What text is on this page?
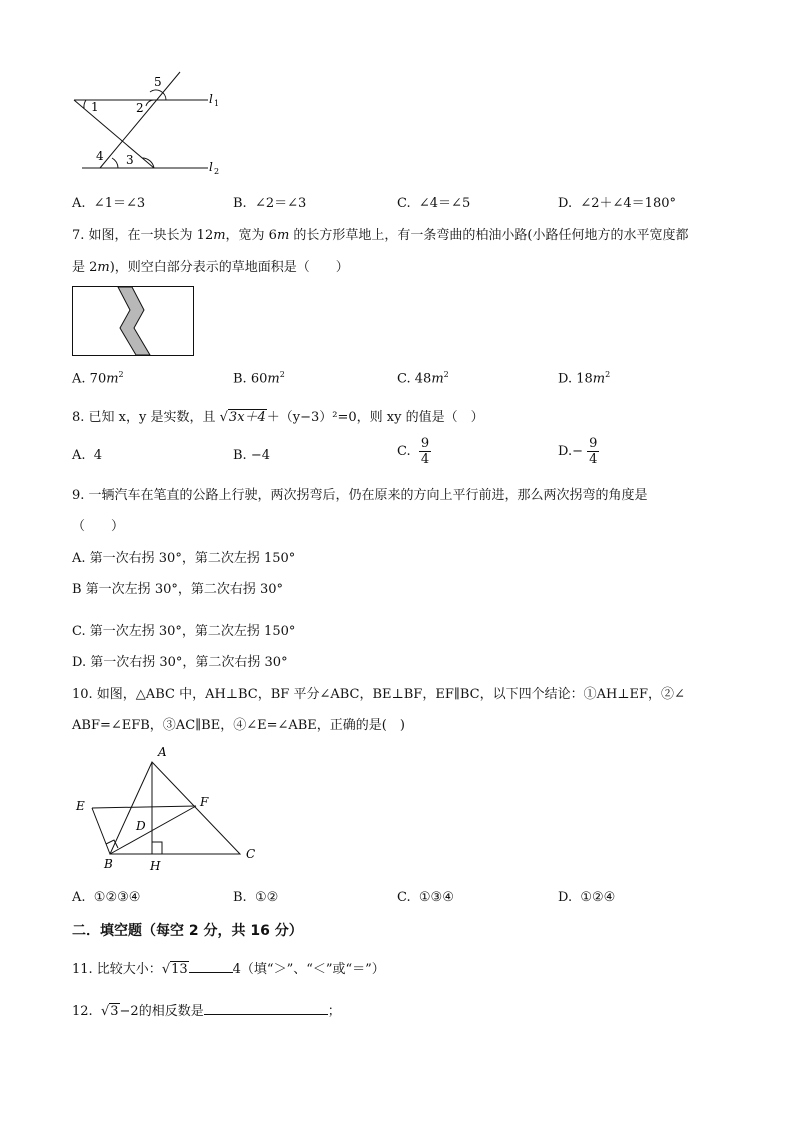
5
1	2
l 1
4 3	l 2
A. ∠1＝∠3	B. ∠2＝∠3	C. ∠4＝∠5	D. ∠2＋∠4＝180°
7. 如图，在一块长为 12m，宽为 6m 的长方形草地上，有一条弯曲的柏油小路(小路任何地方的水平宽度都
是 2m)，则空白部分表示的草地面积是（　　）
A. $70m^2$	B. $60m^2$	C. $48m^2$	D. $18m^2$
8. 已知 x，y 是实数，且 √3x＋4＋（y−3）²=0，则 xy 的值是（　）
A. 4	B. −4	C. $\frac{9}{4}$	$D.- \frac{9}{4}$
9. 一辆汽车在笔直的公路上行驶，两次拐弯后，仍在原来的方向上平行前进，那么两次拐弯的角度是
（　　）
A. 第一次右拐 30°，第二次左拐 150°
B 第一次左拐 30°，第二次右拐 30°
C. 第一次左拐 30°，第二次左拐 150°
D. 第一次右拐 30°，第二次右拐 30°
10. 如图，△ABC 中，AH⊥BC，BF 平分∠ABC，BE⊥BF，EF∥BC，以下四个结论：①AH⊥EF，②∠
ABF=∠EFB，③AC∥BE，④∠E=∠ABE，正确的是(　)
A
E	F
D
B	H
C
A. ①②③④	B. ①②	C. ①③④	D. ①②④
二．填空题（每空 2 分，共 16 分）
11. 比较大小：√13	4（填“＞”、“＜”或“＝”）
12. √3−2的相反数是	；
